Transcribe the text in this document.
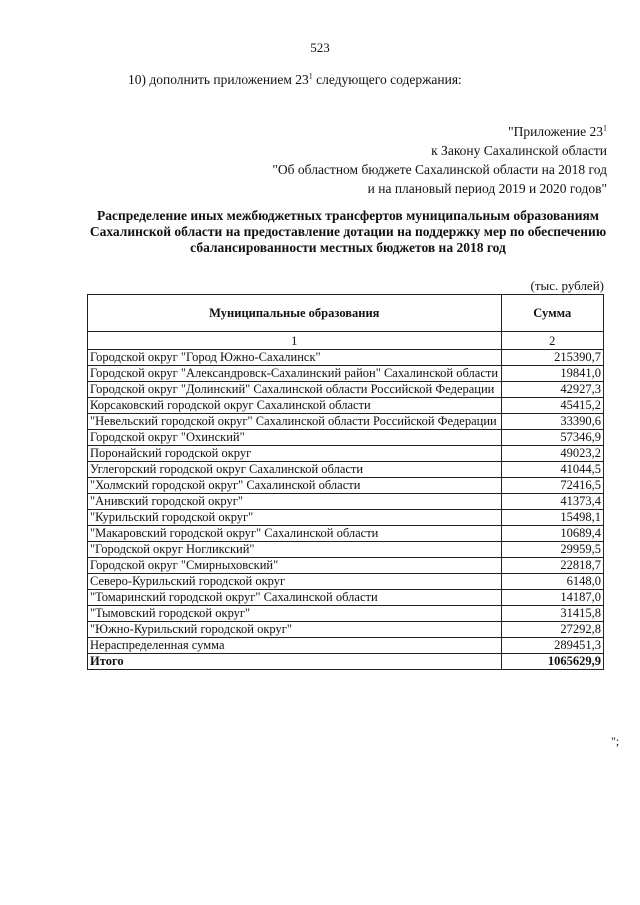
523
10) дополнить приложением $23^1$ следующего содержания:
"Приложение $23^1$
к Закону Сахалинской области
"Об областном бюджете Сахалинской области на 2018 год
и на плановый период 2019 и 2020 годов"
Распределение иных межбюджетных трансфертов муниципальным образованиям Сахалинской области на предоставление дотации на поддержку мер по обеспечению сбалансированности местных бюджетов на 2018 год
(тыс. рублей)
Муниципальные образования	Сумма
1	2
Городской округ "Город Южно-Сахалинск"	215390,7
Городской округ "Александровск-Сахалинский район" Сахалинской области	19841,0
Городской округ "Долинский" Сахалинской области Российской Федерации	42927,3
Корсаковский городской округ Сахалинской области	45415,2
"Невельский городской округ" Сахалинской области Российской Федерации	33390,6
Городской округ "Охинский"	57346,9
Поронайский городской округ	49023,2
Углегорский городской округ Сахалинской области	41044,5
"Холмский городской округ" Сахалинской области	72416,5
"Анивский городской округ"	41373,4
"Курильский городской округ"	15498,1
"Макаровский городской округ" Сахалинской области	10689,4
"Городской округ Ногликский"	29959,5
Городской округ "Смирныховский"	22818,7
Северо-Курильский городской округ	6148,0
"Томаринский городской округ" Сахалинской области	14187,0
"Тымовский городской округ"	31415,8
"Южно-Курильский городской округ"	27292,8
Нераспределенная сумма	289451,3
Итого	1065629,9
";
